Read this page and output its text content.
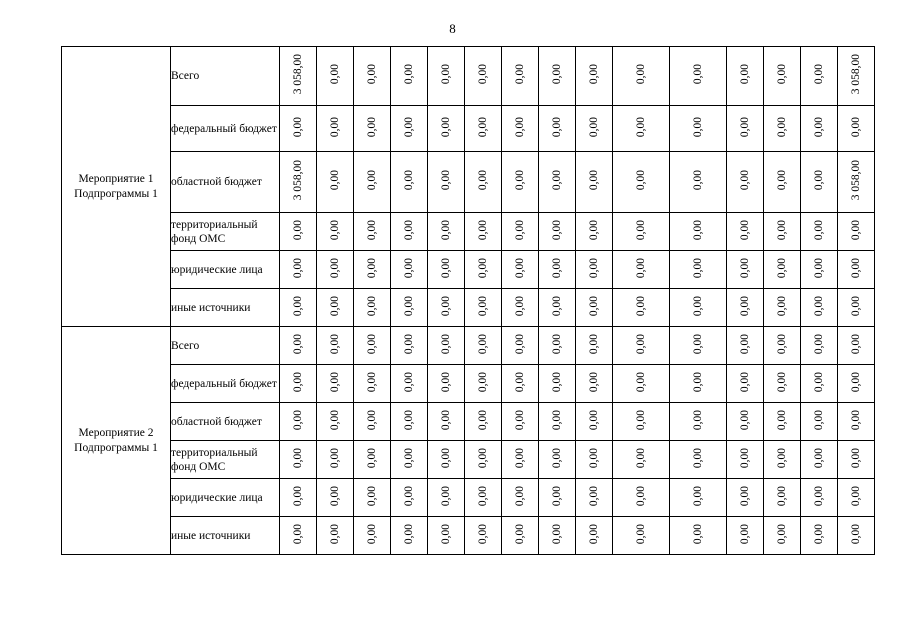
8
Мероприятие 1 Подпрограммы 1	Всего	3 058,00	0,00	0,00	0,00	0,00	0,00	0,00	0,00	0,00	0,00	0,00	0,00	0,00	0,00	3 058,00
	федеральный бюджет	0,00	0,00	0,00	0,00	0,00	0,00	0,00	0,00	0,00	0,00	0,00	0,00	0,00	0,00	0,00
	областной бюджет	3 058,00	0,00	0,00	0,00	0,00	0,00	0,00	0,00	0,00	0,00	0,00	0,00	0,00	0,00	3 058,00
	территориальный фонд ОМС	0,00	0,00	0,00	0,00	0,00	0,00	0,00	0,00	0,00	0,00	0,00	0,00	0,00	0,00	0,00
	юридические лица	0,00	0,00	0,00	0,00	0,00	0,00	0,00	0,00	0,00	0,00	0,00	0,00	0,00	0,00	0,00
	иные источники	0,00	0,00	0,00	0,00	0,00	0,00	0,00	0,00	0,00	0,00	0,00	0,00	0,00	0,00	0,00
Мероприятие 2 Подпрограммы 1	Всего	0,00	0,00	0,00	0,00	0,00	0,00	0,00	0,00	0,00	0,00	0,00	0,00	0,00	0,00	0,00
	федеральный бюджет	0,00	0,00	0,00	0,00	0,00	0,00	0,00	0,00	0,00	0,00	0,00	0,00	0,00	0,00	0,00
	областной бюджет	0,00	0,00	0,00	0,00	0,00	0,00	0,00	0,00	0,00	0,00	0,00	0,00	0,00	0,00	0,00
	территориальный фонд ОМС	0,00	0,00	0,00	0,00	0,00	0,00	0,00	0,00	0,00	0,00	0,00	0,00	0,00	0,00	0,00
	юридические лица	0,00	0,00	0,00	0,00	0,00	0,00	0,00	0,00	0,00	0,00	0,00	0,00	0,00	0,00	0,00
	иные источники	0,00	0,00	0,00	0,00	0,00	0,00	0,00	0,00	0,00	0,00	0,00	0,00	0,00	0,00	0,00
